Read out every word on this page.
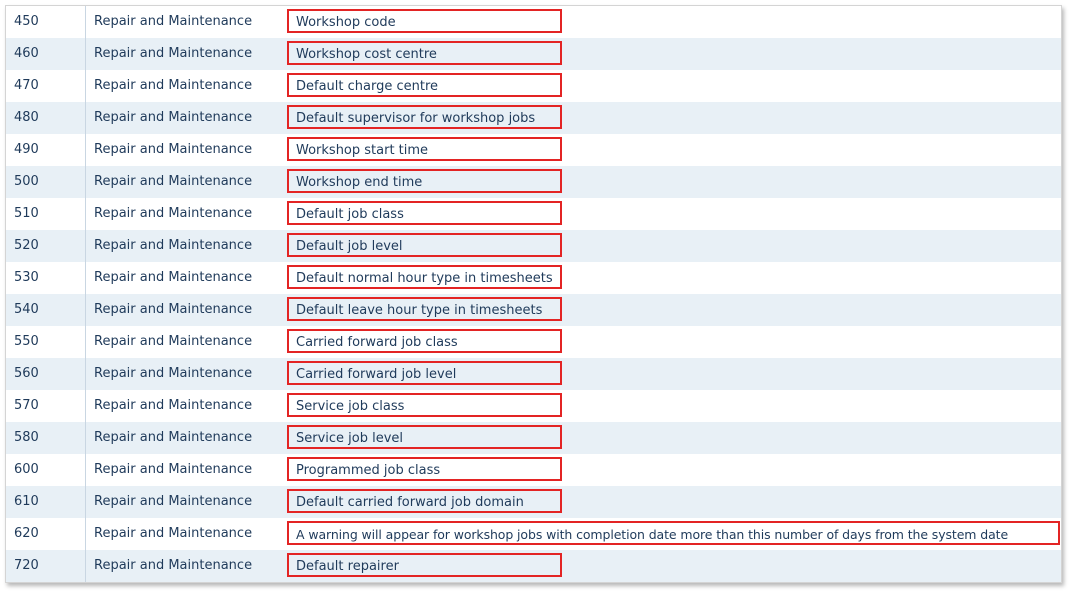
450	Repair and Maintenance	Workshop code
460	Repair and Maintenance	Workshop cost centre
470	Repair and Maintenance	Default charge centre
480	Repair and Maintenance	Default supervisor for workshop jobs
490	Repair and Maintenance	Workshop start time
500	Repair and Maintenance	Workshop end time
510	Repair and Maintenance	Default job class
520	Repair and Maintenance	Default job level
530	Repair and Maintenance	Default normal hour type in timesheets
540	Repair and Maintenance	Default leave hour type in timesheets
550	Repair and Maintenance	Carried forward job class
560	Repair and Maintenance	Carried forward job level
570	Repair and Maintenance	Service job class
580	Repair and Maintenance	Service job level
600	Repair and Maintenance	Programmed job class
610	Repair and Maintenance	Default carried forward job domain
620	Repair and Maintenance	A warning will appear for workshop jobs with completion date more than this number of days from the system date
720	Repair and Maintenance	Default repairer
